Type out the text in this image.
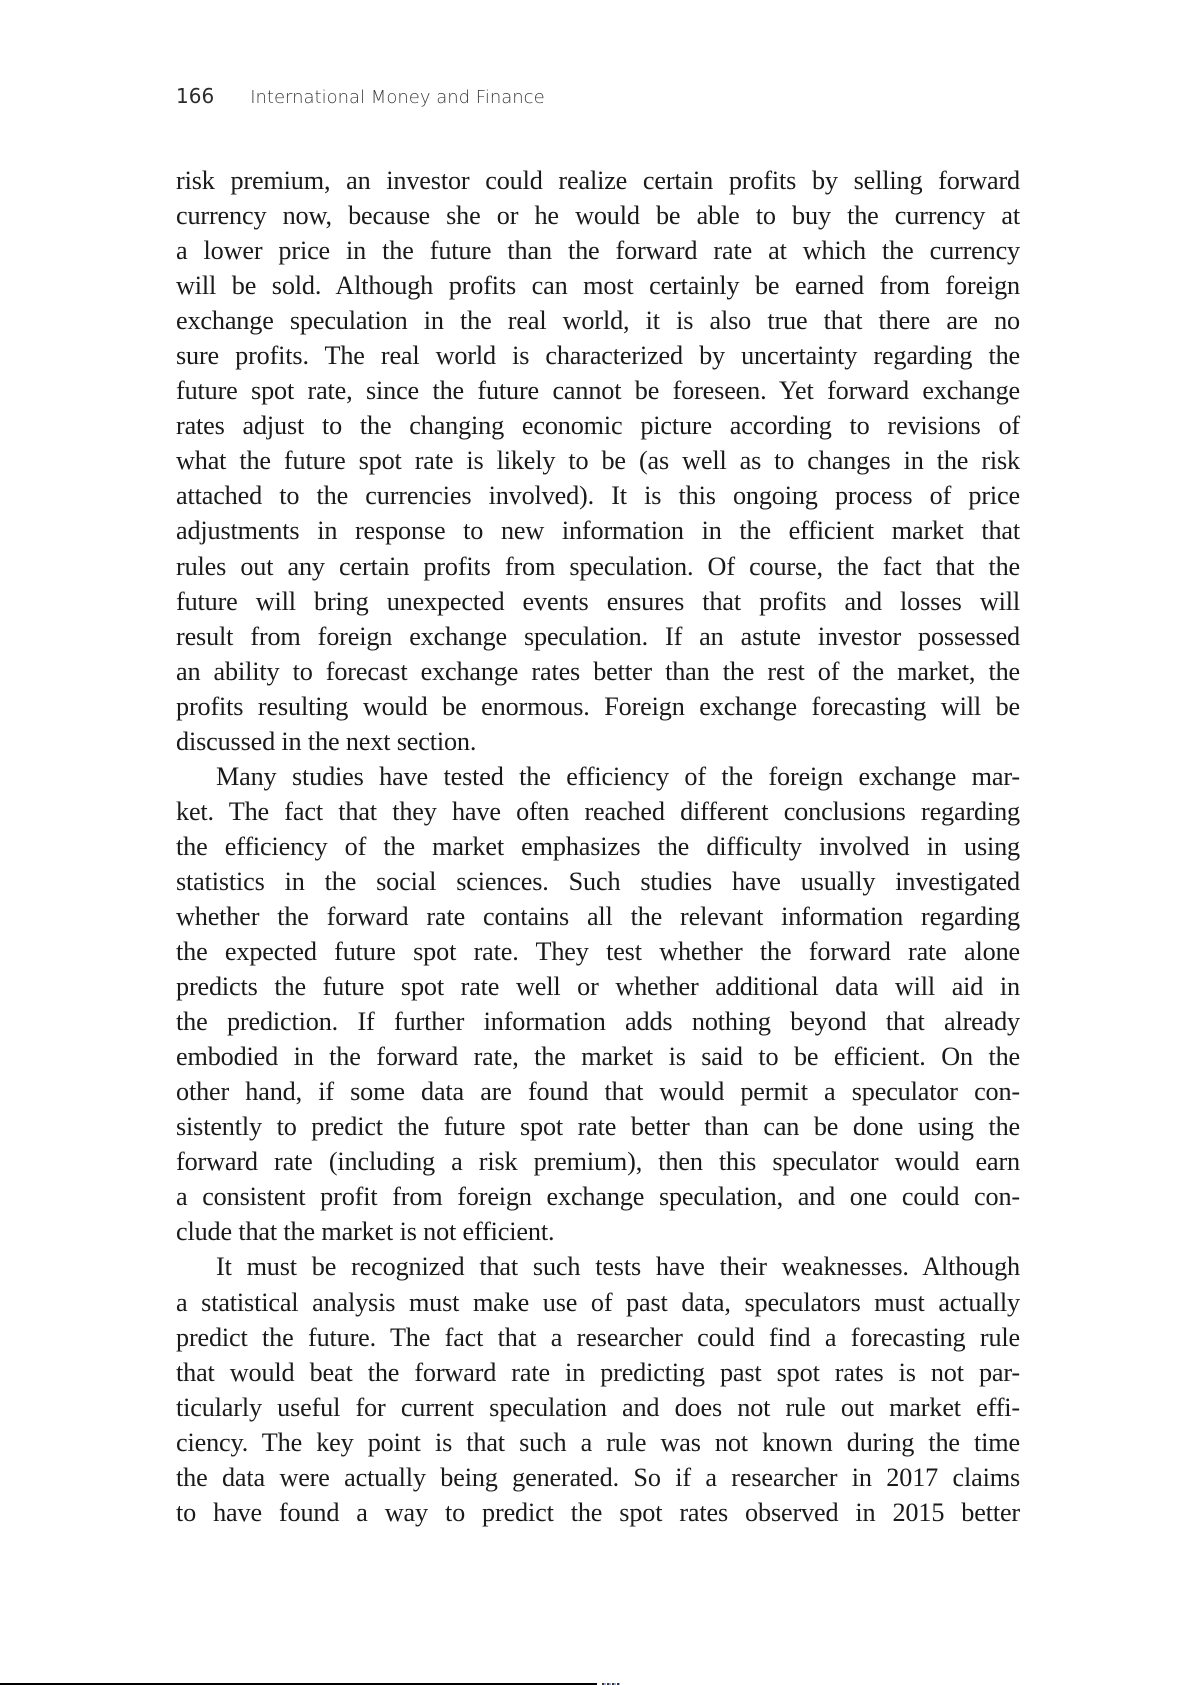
166 International Money and Finance
risk premium, an investor could realize certain profits by selling forward
currency now, because she or he would be able to buy the currency at
a lower price in the future than the forward rate at which the currency
will be sold. Although profits can most certainly be earned from foreign
exchange speculation in the real world, it is also true that there are no
sure profits. The real world is characterized by uncertainty regarding the
future spot rate, since the future cannot be foreseen. Yet forward exchange
rates adjust to the changing economic picture according to revisions of
what the future spot rate is likely to be (as well as to changes in the risk
attached to the currencies involved). It is this ongoing process of price
adjustments in response to new information in the efficient market that
rules out any certain profits from speculation. Of course, the fact that the
future will bring unexpected events ensures that profits and losses will
result from foreign exchange speculation. If an astute investor possessed
an ability to forecast exchange rates better than the rest of the market, the
profits resulting would be enormous. Foreign exchange forecasting will be
discussed in the next section.
Many studies have tested the efficiency of the foreign exchange mar-
ket. The fact that they have often reached different conclusions regarding
the efficiency of the market emphasizes the difficulty involved in using
statistics in the social sciences. Such studies have usually investigated
whether the forward rate contains all the relevant information regarding
the expected future spot rate. They test whether the forward rate alone
predicts the future spot rate well or whether additional data will aid in
the prediction. If further information adds nothing beyond that already
embodied in the forward rate, the market is said to be efficient. On the
other hand, if some data are found that would permit a speculator con-
sistently to predict the future spot rate better than can be done using the
forward rate (including a risk premium), then this speculator would earn
a consistent profit from foreign exchange speculation, and one could con-
clude that the market is not efficient.
It must be recognized that such tests have their weaknesses. Although
a statistical analysis must make use of past data, speculators must actually
predict the future. The fact that a researcher could find a forecasting rule
that would beat the forward rate in predicting past spot rates is not par-
ticularly useful for current speculation and does not rule out market effi-
ciency. The key point is that such a rule was not known during the time
the data were actually being generated. So if a researcher in 2017 claims
to have found a way to predict the spot rates observed in 2015 better
